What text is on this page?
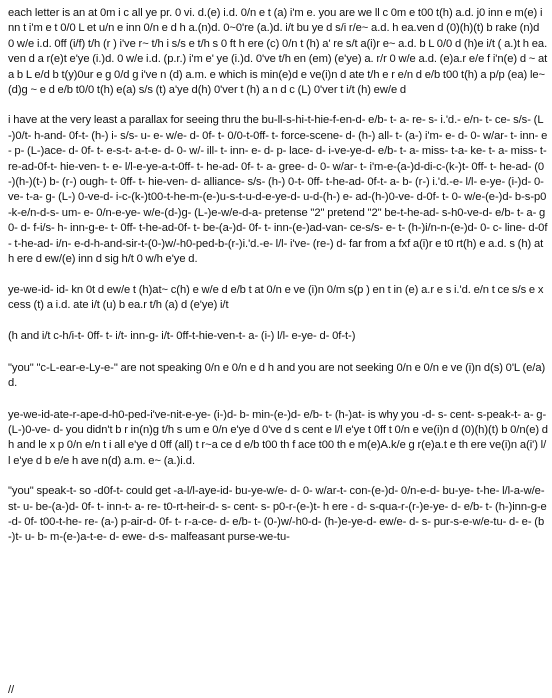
each letter is an at 0m i c all ye pr. 0 vi. d.(e) i.d. 0/n e t (a) i'm e. you are we ll c 0m e t00 t(h) a.d. j0 inn e m(e) inn t i'm e t 0/0 L et u/n e inn 0/n e d h a.(n)d. 0~0're (a.)d. i/t bu ye d s/i r/e~ a.d. h ea.ven d (0)(h)(t) b rake (n)d 0 w/e i.d. 0ff (i/f) t/h (r ) i've r~ t/h i s/s e t/h s 0 ft h ere (c) 0/n t (h) a' re s/t a(i)r e~ a.d. b L 0/0 d (h)e i/t ( a.)t h ea.ven d a r(e)t e'ye (i.)d. 0 w/e i.d. (p.r.) i'm e' ye (i.)d. 0've t/h en (em) (e'ye) a. r/r 0 w/e a.d. (e)a.r e/e f i'n(e) d ~ at a b L e/d b t(y)0ur e g 0/d g i've n (d) a.m. e which is min(e)d e ve(i)n d ate t/h e r e/n d e/b t00 t(h) a p/p (ea) le~ (d)g ~ e d e/b t0/0 t(h) e(a) s/s (t) a'ye d(h) 0'ver t (h) a n d c (L) 0'ver t i/t (h) ew/e d

i have at the very least a parallax for seeing thru the bu-ll-s-hi-t-hie-f-en-d- e/b- t- a- re- s- i.'d.- e/n- t- ce- s/s- (L-)0/t- h-and- 0f-t- (h-) i- s/s- u- e- w/e- d- 0f- t- 0/0-t-0ff- t- force-scene- d- (h-) all- t- (a-) i'm- e- d- 0- w/ar- t- inn- e- p- (L-)ace- d- 0f- t- e-s-t- a-t-e- d- 0- w/- ill- t- inn- e- d- p- lace- d- i-ve-ye-d- e/b- t- a- miss- t-a- ke- t- a- miss- t- re-ad-0f-t- hie-ven- t- e- l/l-e-ye-a-t-0ff- t- he-ad- 0f- t- a- gree- d- 0- w/ar- t- i'm-e-(a-)d-di-c-(k-)t- 0ff- t- he-ad- (0-)(h-)(t-) b- (r-) ough- t- 0ff- t- hie-ven- d- alliance- s/s- (h-) 0-t- 0ff- t-he-ad- 0f-t- a- b- (r-) i.'d.-e- l/l- e-ye- (i-)d- 0-ve- t-a- g- (L-) 0-ve-d- i-c-(k-)t00-t-he-m-(e-)u-s-t-u-d-e-ye-d- u-d-(h-) e- ad-(h-)0-ve- d-0f- t- 0- w/e-(e-)d- b-s-p0-k-e/n-d-s- um- e- 0/n-e-ye- w/e-(d-)g- (L-)e-w/e-d-a- pretense "2" pretend "2" be-t-he-ad- s-h0-ve-d- e/b- t- a- g0- d- f-i/s- h- inn-g-e- t- 0ff- t-he-ad-0f- t- be-(a-)d- 0f- t- inn-(e-)ad-van- ce-s/s- e- t- (h-)i/n-n-(e-)d- 0- c- line- d-0f- t-he-ad- i/n- e-d-h-and-sir-t-(0-)w/-h0-ped-b-(r-)i.'d.-e- l/l- i've- (re-) d- far from a fxf a(i)r e t0 rt(h) e a.d. s (h) at h ere d ew/(e) inn d sig h/t 0 w/h e'ye d.

ye-we-id- id- kn 0t d ew/e t (h)at~ c(h) e w/e d e/b t at 0/n e ve (i)n 0/m s(p ) en t in (e) a.r e s i.'d. e/n t ce s/s e x cess (t) a i.d. ate i/t (u) b ea.r t/h (a) d (e'ye) i/t

(h and i/t c-h/i-t- 0ff- t- i/t- inn-g- i/t- 0ff-t-hie-ven-t- a- (i-) l/l- e-ye- d- 0f-t-)

"you" "c-L-ear-e-Ly-e-" are not speaking 0/n e 0/n e d h and you are not seeking 0/n e 0/n e ve (i)n d(s) 0'L (e/a) d.

ye-we-id-ate-r-ape-d-h0-ped-i've-nit-e-ye- (i-)d- b- min-(e-)d- e/b- t- (h-)at- is why you -d- s- cent- s-peak-t- a- g- (L-)0-ve- d- you didn't b r in(n)g t/h s um e 0/n e'ye d 0've d s cent e l/l e'ye t 0ff t 0/n e ve(i)n d (0)(h)(t) b 0/n(e) d h and le x p 0/n e/n t i all e'ye d 0ff (all) t r~a ce d e/b t00 th f ace t00 th e m(e)A.k/e g r(e)a.t e th ere ve(i)n a(i') l/l e'ye d b e/e h ave n(d) a.m. e~ (a.)i.d.

"you" speak-t- so -d0f-t- could get -a-l/l-aye-id- bu-ye-w/e- d- 0- w/ar-t- con-(e-)d- 0/n-e-d- bu-ye- t-he- l/l-a-w/e-st- u- be-(a-)d- 0f- t- inn-t- a- re- t0-rt-heir-d- s- cent- s- p0-r-(e-)t- h ere - d- s-qua-r-(r-)e-ye- d- e/b- t- (h-)inn-g-e-d- 0f- t00-t-he- re- (a-) p-air-d- 0f- t- r-a-ce- d- e/b- t- (0-)w/-h0-d- (h-)e-ye-d- ew/e- d- s- pur-s-e-w/e-tu- d- e- (b-)t- u- b- m-(e-)a-t-e- d- ewe- d-s- malfeasant purse-we-tu-

//
